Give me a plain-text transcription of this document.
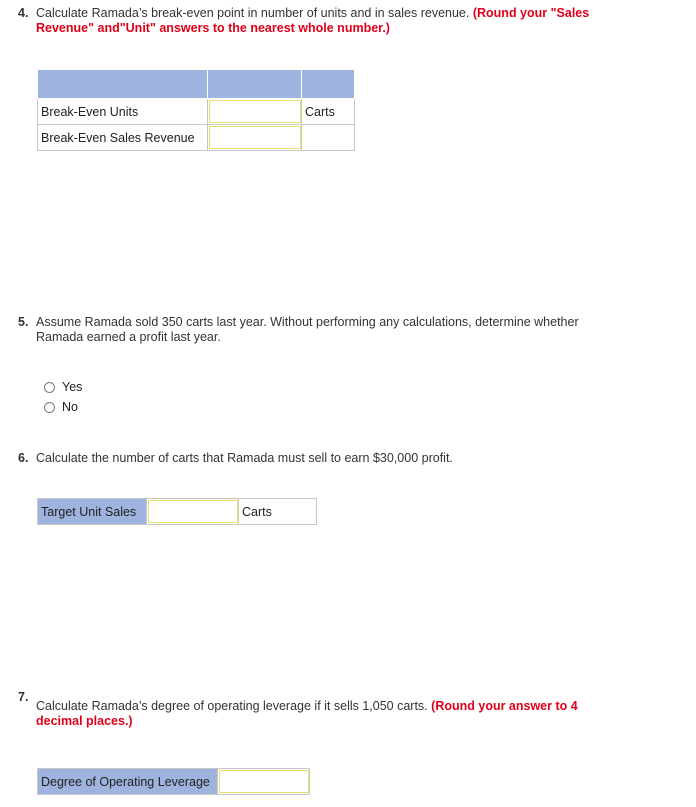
4. Calculate Ramada’s break-even point in number of units and in sales revenue. (Round your "Sales
Revenue" and"Unit" answers to the nearest whole number.)

Break-Even Units		Carts
Break-Even Sales Revenue	

5. Assume Ramada sold 350 carts last year. Without performing any calculations, determine whether
Ramada earned a profit last year.
Yes
No
6. Calculate the number of carts that Ramada must sell to earn $30,000 profit.
Target Unit Sales		Carts
7.
Calculate Ramada’s degree of operating leverage if it sells 1,050 carts. (Round your answer to 4
decimal places.)
Degree of Operating Leverage	
